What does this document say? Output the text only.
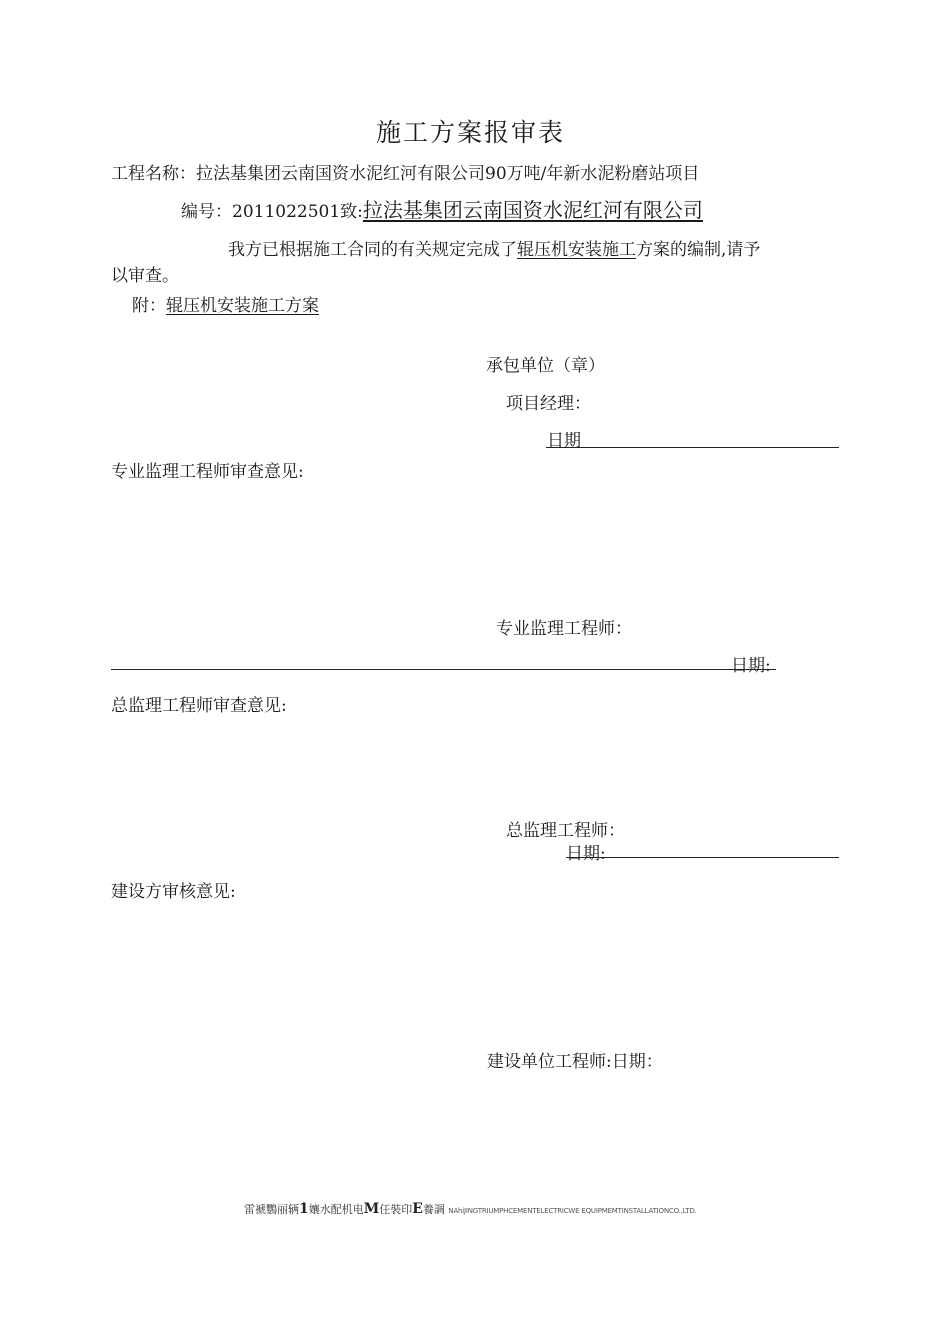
施工方案报审表
工程名称：拉法基集团云南国资水泥红河有限公司90万吨/年新水泥粉磨站项目
编号：2011022501致:拉法基集团云南国资水泥红河有限公司
我方已根据施工合同的有关规定完成了辊压机安装施工方案的编制,请予
以审查。
附：辊压机安装施工方案
承包单位（章）
项目经理：
日期
专业监理工程师审查意见:
专业监理工程师：
日期:
总监理工程师审查意见:
总监理工程师：
日期:
建设方审核意见:
建设单位工程师:日期：
雷褫鸚丽辆1孃水配机电M仼裝印E養調 NAhiJINGTRIUMPHCEMENTELECTRICWE EQUIPMEMTINSTALLATIONCO.,LTD.
